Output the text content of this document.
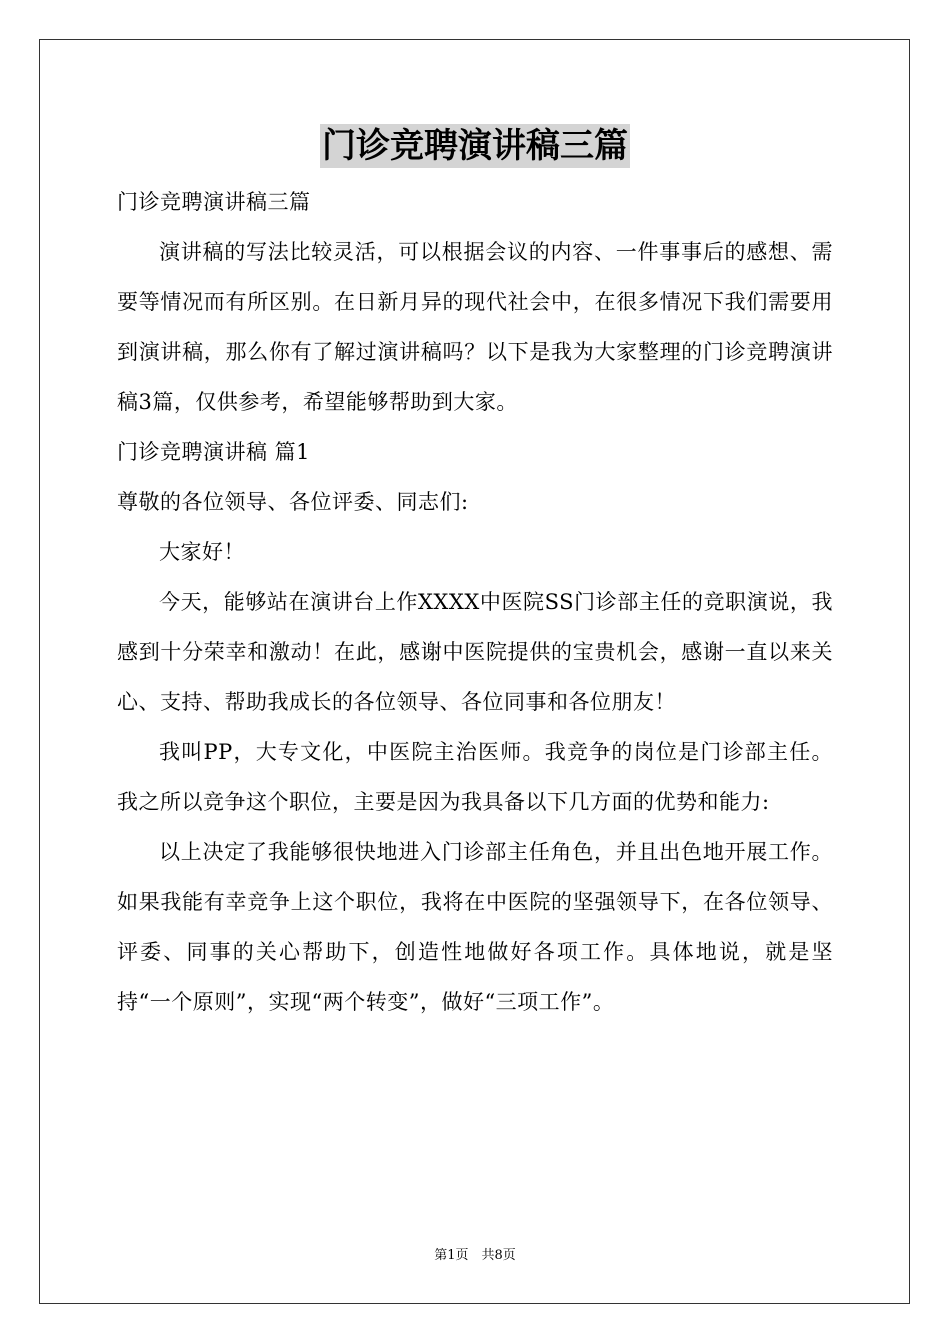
门诊竞聘演讲稿三篇

门诊竞聘演讲稿三篇

演讲稿的写法比较灵活，可以根据会议的内容、一件事事后的感想、需要等情况而有所区别。在日新月异的现代社会中，在很多情况下我们需要用到演讲稿，那么你有了解过演讲稿吗？以下是我为大家整理的门诊竞聘演讲稿3篇，仅供参考，希望能够帮助到大家。

门诊竞聘演讲稿 篇1

尊敬的各位领导、各位评委、同志们:

大家好！

今天，能够站在演讲台上作XXXX中医院SS门诊部主任的竞职演说，我感到十分荣幸和激动！在此，感谢中医院提供的宝贵机会，感谢一直以来关心、支持、帮助我成长的各位领导、各位同事和各位朋友！

我叫PP，大专文化，中医院主治医师。我竞争的岗位是门诊部主任。我之所以竞争这个职位，主要是因为我具备以下几方面的优势和能力:

以上决定了我能够很快地进入门诊部主任角色，并且出色地开展工作。如果我能有幸竞争上这个职位，我将在中医院的坚强领导下，在各位领导、评委、同事的关心帮助下，创造性地做好各项工作。具体地说，就是坚持“一个原则”，实现“两个转变”，做好“三项工作”。

第1页　共8页
